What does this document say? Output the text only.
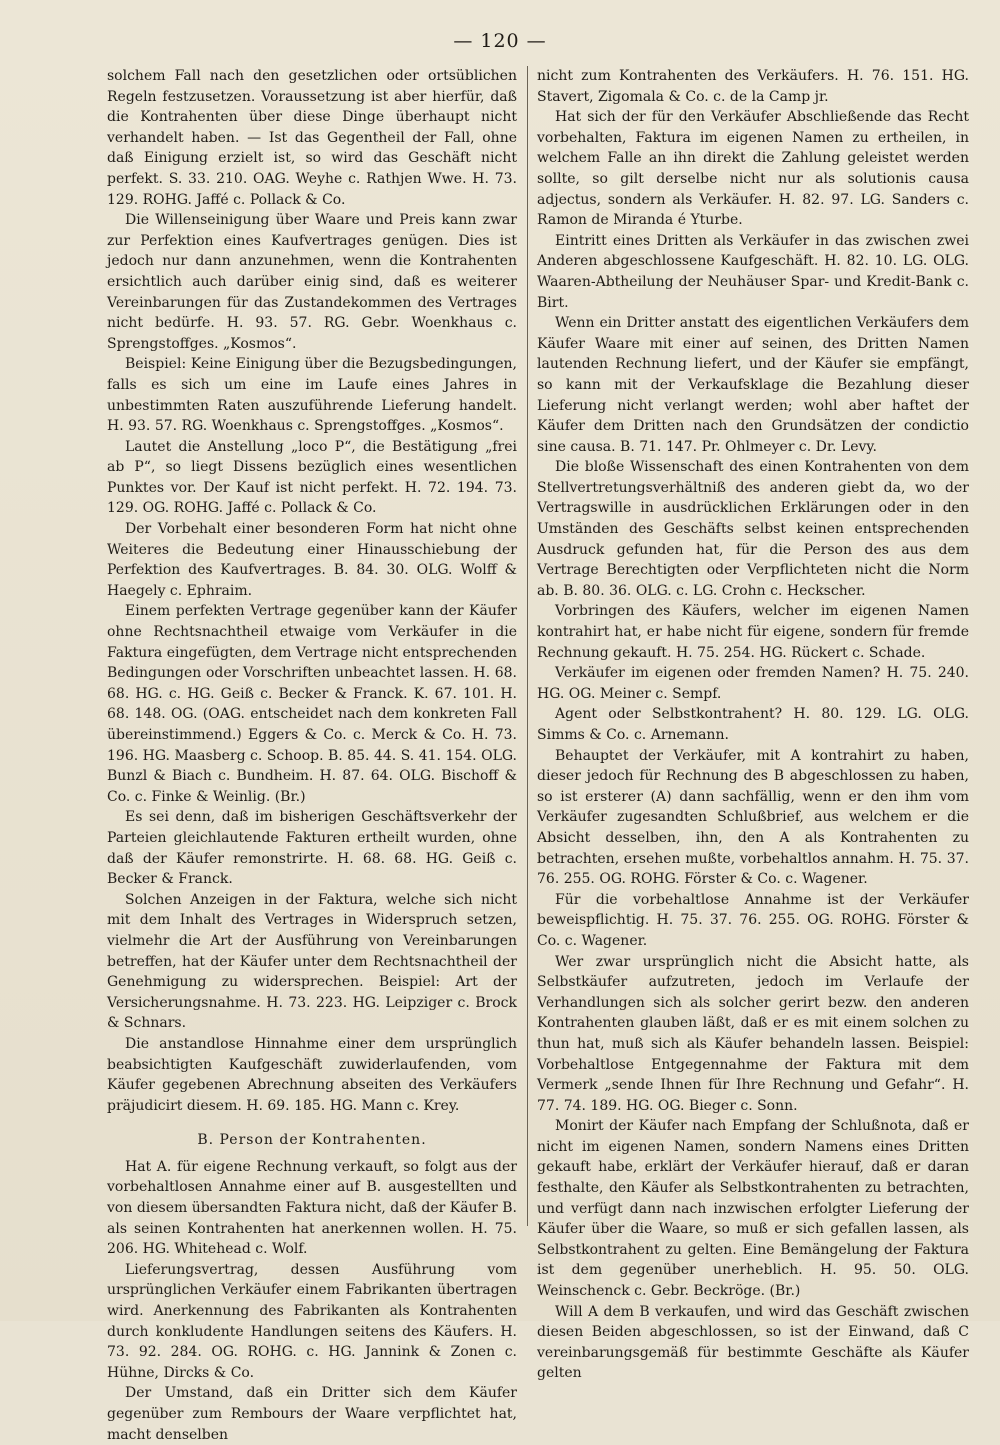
— 120 —

solchem Fall nach den gesetzlichen oder ortsüblichen Regeln festzusetzen. Voraussetzung ist aber hierfür, daß die Kontrahenten über diese Dinge überhaupt nicht verhandelt haben. — Ist das Gegentheil der Fall, ohne daß Einigung erzielt ist, so wird das Geschäft nicht perfekt. S. 33. 210. OAG. Weyhe c. Rathjen Wwe. H. 73. 129. ROHG. Jaffé c. Pollack & Co.

Die Willenseinigung über Waare und Preis kann zwar zur Perfektion eines Kaufvertrages genügen. Dies ist jedoch nur dann anzunehmen, wenn die Kontrahenten ersichtlich auch darüber einig sind, daß es weiterer Vereinbarungen für das Zustandekommen des Vertrages nicht bedürfe. H. 93. 57. RG. Gebr. Woenkhaus c. Sprengstoffges. „Kosmos“.

Beispiel: Keine Einigung über die Bezugsbedingungen, falls es sich um eine im Laufe eines Jahres in unbestimmten Raten auszuführende Lieferung handelt. H. 93. 57. RG. Woenkhaus c. Sprengstoffges. „Kosmos“.

Lautet die Anstellung „loco P“, die Bestätigung „frei ab P“, so liegt Dissens bezüglich eines wesentlichen Punktes vor. Der Kauf ist nicht perfekt. H. 72. 194. 73. 129. OG. ROHG. Jaffé c. Pollack & Co.

Der Vorbehalt einer besonderen Form hat nicht ohne Weiteres die Bedeutung einer Hinausschiebung der Perfektion des Kaufvertrages. B. 84. 30. OLG. Wolff & Haegely c. Ephraim.

Einem perfekten Vertrage gegenüber kann der Käufer ohne Rechtsnachtheil etwaige vom Verkäufer in die Faktura eingefügten, dem Vertrage nicht entsprechenden Bedingungen oder Vorschriften unbeachtet lassen. H. 68. 68. HG. c. HG. Geiß c. Becker & Franck. K. 67. 101. H. 68. 148. OG. (OAG. entscheidet nach dem konkreten Fall übereinstimmend.) Eggers & Co. c. Merck & Co. H. 73. 196. HG. Maasberg c. Schoop. B. 85. 44. S. 41. 154. OLG. Bunzl & Biach c. Bundheim. H. 87. 64. OLG. Bischoff & Co. c. Finke & Weinlig. (Br.)

Es sei denn, daß im bisherigen Geschäftsverkehr der Parteien gleichlautende Fakturen ertheilt wurden, ohne daß der Käufer remonstrirte. H. 68. 68. HG. Geiß c. Becker & Franck.

Solchen Anzeigen in der Faktura, welche sich nicht mit dem Inhalt des Vertrages in Widerspruch setzen, vielmehr die Art der Ausführung von Vereinbarungen betreffen, hat der Käufer unter dem Rechtsnachtheil der Genehmigung zu widersprechen. Beispiel: Art der Versicherungsnahme. H. 73. 223. HG. Leipziger c. Brock & Schnars.

Die anstandlose Hinnahme einer dem ursprünglich beabsichtigten Kaufgeschäft zuwiderlaufenden, vom Käufer gegebenen Abrechnung abseiten des Verkäufers präjudicirt diesem. H. 69. 185. HG. Mann c. Krey.

B. Person der Kontrahenten.

Hat A. für eigene Rechnung verkauft, so folgt aus der vorbehaltlosen Annahme einer auf B. ausgestellten und von diesem übersandten Faktura nicht, daß der Käufer B. als seinen Kontrahenten hat anerkennen wollen. H. 75. 206. HG. Whitehead c. Wolf.

Lieferungsvertrag, dessen Ausführung vom ursprünglichen Verkäufer einem Fabrikanten übertragen wird. Anerkennung des Fabrikanten als Kontrahenten durch konkludente Handlungen seitens des Käufers. H. 73. 92. 284. OG. ROHG. c. HG. Jannink & Zonen c. Hühne, Dircks & Co.

Der Umstand, daß ein Dritter sich dem Käufer gegenüber zum Rembours der Waare verpflichtet hat, macht denselben

nicht zum Kontrahenten des Verkäufers. H. 76. 151. HG. Stavert, Zigomala & Co. c. de la Camp jr.

Hat sich der für den Verkäufer Abschließende das Recht vorbehalten, Faktura im eigenen Namen zu ertheilen, in welchem Falle an ihn direkt die Zahlung geleistet werden sollte, so gilt derselbe nicht nur als solutionis causa adjectus, sondern als Verkäufer. H. 82. 97. LG. Sanders c. Ramon de Miranda é Yturbe.

Eintritt eines Dritten als Verkäufer in das zwischen zwei Anderen abgeschlossene Kaufgeschäft. H. 82. 10. LG. OLG. Waaren-Abtheilung der Neuhäuser Spar- und Kredit-Bank c. Birt.

Wenn ein Dritter anstatt des eigentlichen Verkäufers dem Käufer Waare mit einer auf seinen, des Dritten Namen lautenden Rechnung liefert, und der Käufer sie empfängt, so kann mit der Verkaufsklage die Bezahlung dieser Lieferung nicht verlangt werden; wohl aber haftet der Käufer dem Dritten nach den Grundsätzen der condictio sine causa. B. 71. 147. Pr. Ohlmeyer c. Dr. Levy.

Die bloße Wissenschaft des einen Kontrahenten von dem Stellvertretungsverhältniß des anderen giebt da, wo der Vertragswille in ausdrücklichen Erklärungen oder in den Umständen des Geschäfts selbst keinen entsprechenden Ausdruck gefunden hat, für die Person des aus dem Vertrage Berechtigten oder Verpflichteten nicht die Norm ab. B. 80. 36. OLG. c. LG. Crohn c. Heckscher.

Vorbringen des Käufers, welcher im eigenen Namen kontrahirt hat, er habe nicht für eigene, sondern für fremde Rechnung gekauft. H. 75. 254. HG. Rückert c. Schade.

Verkäufer im eigenen oder fremden Namen? H. 75. 240. HG. OG. Meiner c. Sempf.

Agent oder Selbstkontrahent? H. 80. 129. LG. OLG. Simms & Co. c. Arnemann.

Behauptet der Verkäufer, mit A kontrahirt zu haben, dieser jedoch für Rechnung des B abgeschlossen zu haben, so ist ersterer (A) dann sachfällig, wenn er den ihm vom Verkäufer zugesandten Schlußbrief, aus welchem er die Absicht desselben, ihn, den A als Kontrahenten zu betrachten, ersehen mußte, vorbehaltlos annahm. H. 75. 37. 76. 255. OG. ROHG. Förster & Co. c. Wagener.

Für die vorbehaltlose Annahme ist der Verkäufer beweispflichtig. H. 75. 37. 76. 255. OG. ROHG. Förster & Co. c. Wagener.

Wer zwar ursprünglich nicht die Absicht hatte, als Selbstkäufer aufzutreten, jedoch im Verlaufe der Verhandlungen sich als solcher gerirt bezw. den anderen Kontrahenten glauben läßt, daß er es mit einem solchen zu thun hat, muß sich als Käufer behandeln lassen. Beispiel: Vorbehaltlose Entgegennahme der Faktura mit dem Vermerk „sende Ihnen für Ihre Rechnung und Gefahr“. H. 77. 74. 189. HG. OG. Bieger c. Sonn.

Monirt der Käufer nach Empfang der Schlußnota, daß er nicht im eigenen Namen, sondern Namens eines Dritten gekauft habe, erklärt der Verkäufer hierauf, daß er daran festhalte, den Käufer als Selbstkontrahenten zu betrachten, und verfügt dann nach inzwischen erfolgter Lieferung der Käufer über die Waare, so muß er sich gefallen lassen, als Selbstkontrahent zu gelten. Eine Bemängelung der Faktura ist dem gegenüber unerheblich. H. 95. 50. OLG. Weinschenck c. Gebr. Beckröge. (Br.)

Will A dem B verkaufen, und wird das Geschäft zwischen diesen Beiden abgeschlossen, so ist der Einwand, daß C vereinbarungsgemäß für bestimmte Geschäfte als Käufer gelten
